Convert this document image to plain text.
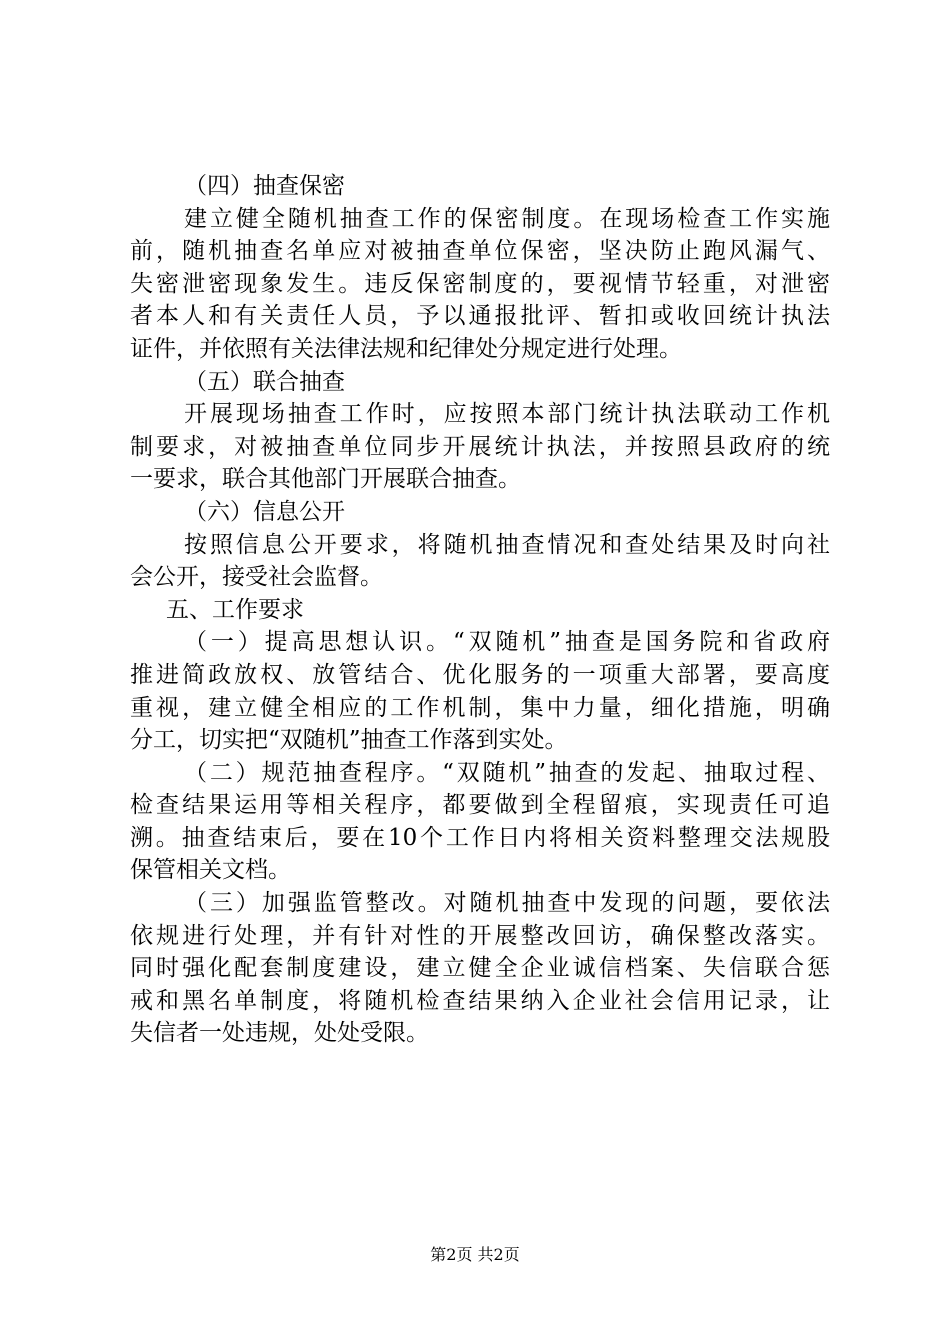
（四）抽查保密
建立健全随机抽查工作的保密制度。在现场检查工作实施
前，随机抽查名单应对被抽查单位保密，坚决防止跑风漏气、
失密泄密现象发生。违反保密制度的，要视情节轻重，对泄密
者本人和有关责任人员，予以通报批评、暂扣或收回统计执法
证件，并依照有关法律法规和纪律处分规定进行处理。
（五）联合抽查
开展现场抽查工作时，应按照本部门统计执法联动工作机
制要求，对被抽查单位同步开展统计执法，并按照县政府的统
一要求，联合其他部门开展联合抽查。
（六）信息公开
按照信息公开要求，将随机抽查情况和查处结果及时向社
会公开，接受社会监督。
五、工作要求
（一）提高思想认识。“双随机”抽查是国务院和省政府
推进简政放权、放管结合、优化服务的一项重大部署，要高度
重视，建立健全相应的工作机制，集中力量，细化措施，明确
分工，切实把“双随机”抽查工作落到实处。
（二）规范抽查程序。“双随机”抽查的发起、抽取过程、
检查结果运用等相关程序，都要做到全程留痕，实现责任可追
溯。抽查结束后，要在10个工作日内将相关资料整理交法规股
保管相关文档。
（三）加强监管整改。对随机抽查中发现的问题，要依法
依规进行处理，并有针对性的开展整改回访，确保整改落实。
同时强化配套制度建设，建立健全企业诚信档案、失信联合惩
戒和黑名单制度，将随机检查结果纳入企业社会信用记录，让
失信者一处违规，处处受限。
第2页 共2页
